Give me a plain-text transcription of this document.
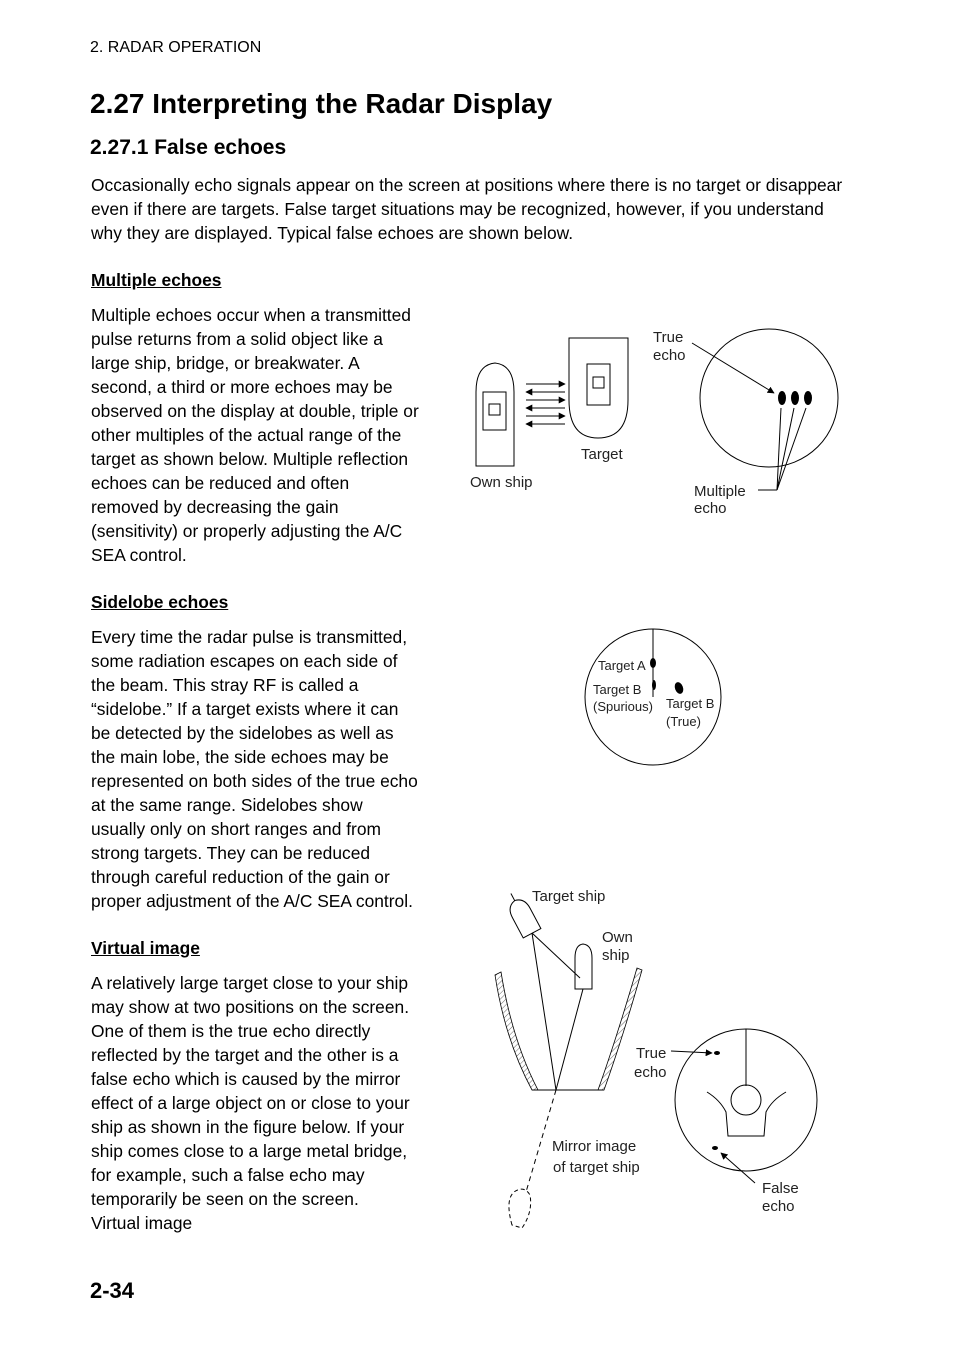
2. RADAR OPERATION
2.27 Interpreting the Radar Display
2.27.1 False echoes
Occasionally echo signals appear on the screen at positions where there is no target or disappear even if there are targets. False target situations may be recognized, however, if you understand why they are displayed. Typical false echoes are shown below.
Multiple echoes
Multiple echoes occur when a transmitted
pulse returns from a solid object like a
large ship, bridge, or breakwater. A
second, a third or more echoes may be
observed on the display at double, triple or
other multiples of the actual range of the
target as shown below. Multiple reflection
echoes can be reduced and often
removed by decreasing the gain
(sensitivity) or properly adjusting the A/C
SEA control.
Sidelobe echoes
Every time the radar pulse is transmitted,
some radiation escapes on each side of
the beam. This stray RF is called a
“sidelobe.” If a target exists where it can
be detected by the sidelobes as well as
the main lobe, the side echoes may be
represented on both sides of the true echo
at the same range. Sidelobes show
usually only on short ranges and from
strong targets. They can be reduced
through careful reduction of the gain or
proper adjustment of the A/C SEA control.
Virtual image
A relatively large target close to your ship
may show at two positions on the screen.
One of them is the true echo directly
reflected by the target and the other is a
false echo which is caused by the mirror
effect of a large object on or close to your
ship as shown in the figure below. If your
ship comes close to a large metal bridge,
for example, such a false echo may
temporarily be seen on the screen.
Virtual image
2-34
Own ship
Target
True
echo
Multiple
echo
Target A
Target B
(Spurious) Target B
(True)
Target ship
Own
ship
Mirror image
of target ship
True
echo
False
echo
